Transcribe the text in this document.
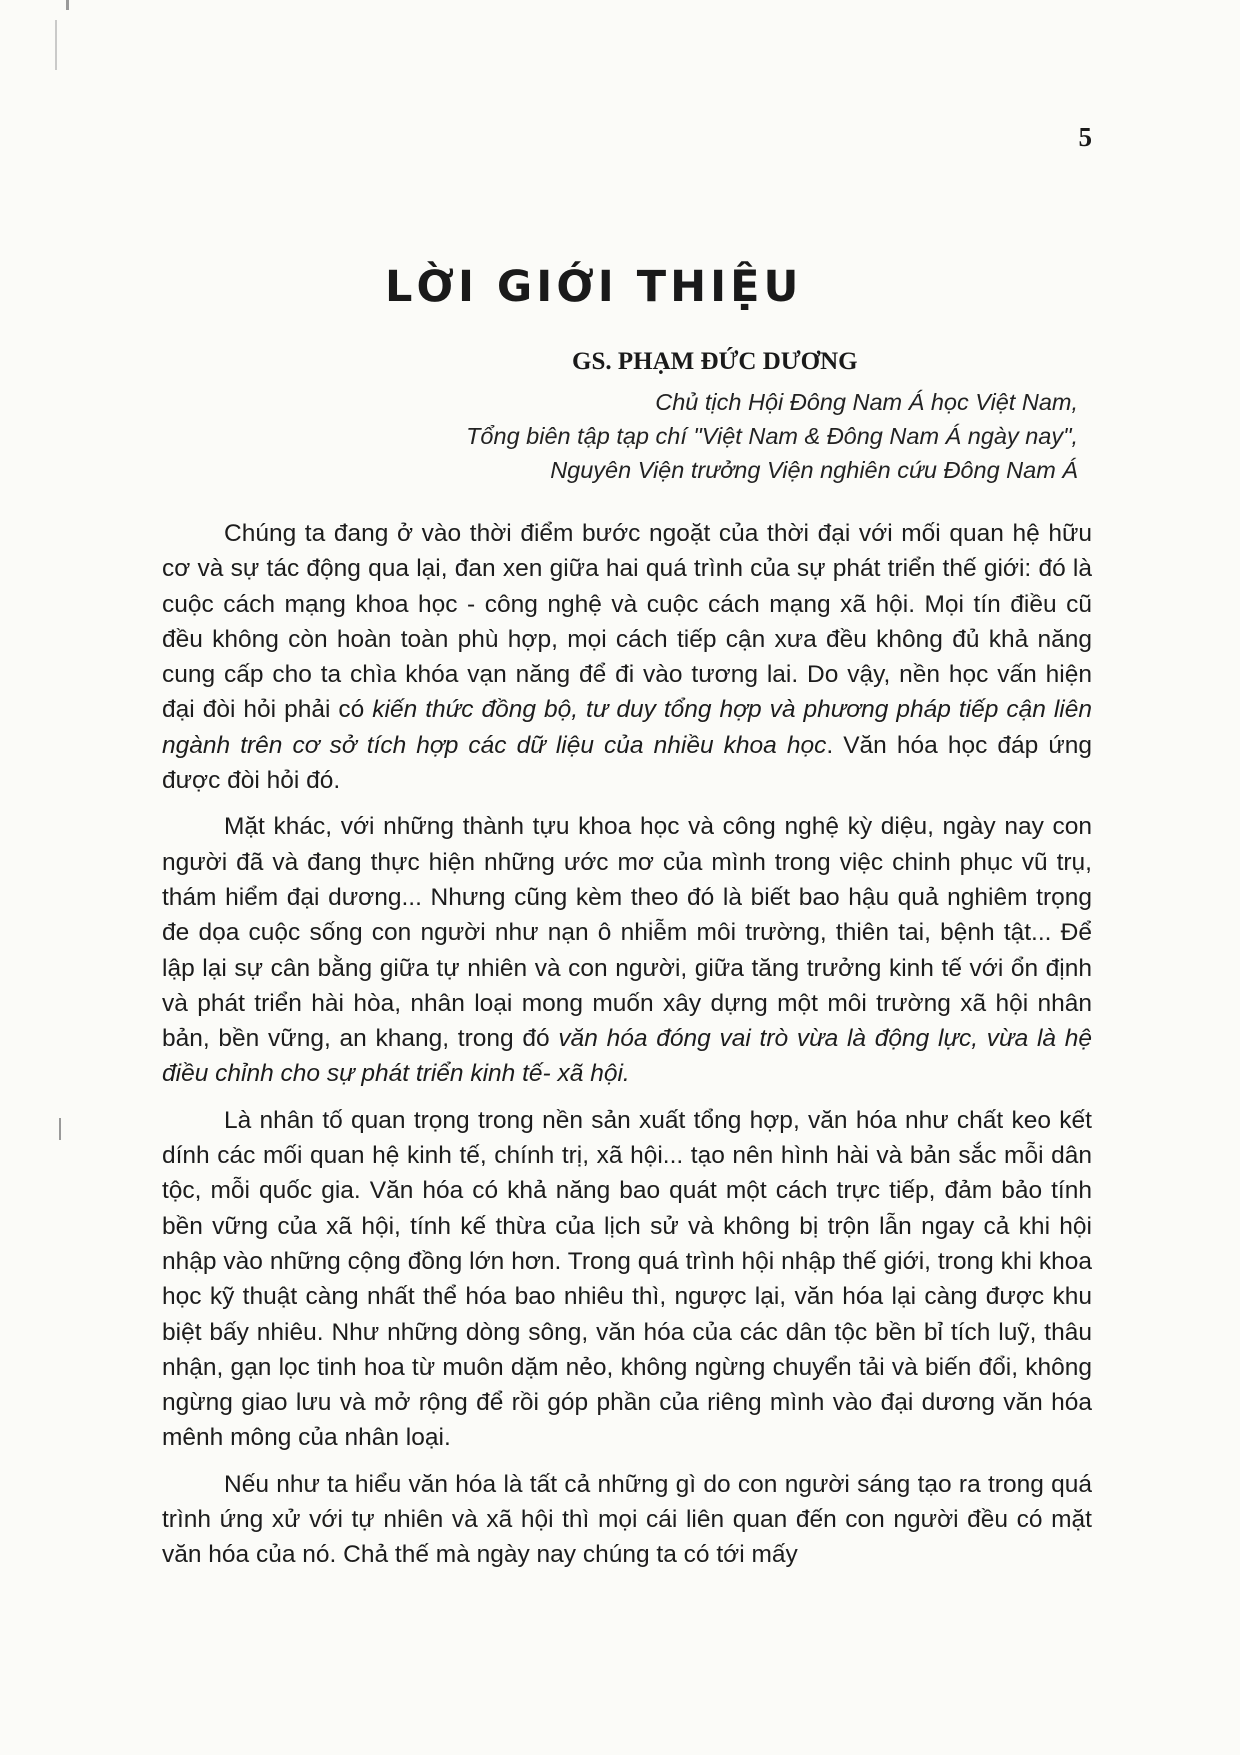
5
LỜI GIỚI THIỆU
GS. PHẠM ĐỨC DƯƠNG
Chủ tịch Hội Đông Nam Á học Việt Nam,
Tổng biên tập tạp chí "Việt Nam & Đông Nam Á ngày nay",
Nguyên Viện trưởng Viện nghiên cứu Đông Nam Á

Chúng ta đang ở vào thời điểm bước ngoặt của thời đại với mối quan hệ hữu cơ và sự tác động qua lại, đan xen giữa hai quá trình của sự phát triển thế giới: đó là cuộc cách mạng khoa học - công nghệ và cuộc cách mạng xã hội. Mọi tín điều cũ đều không còn hoàn toàn phù hợp, mọi cách tiếp cận xưa đều không đủ khả năng cung cấp cho ta chìa khóa vạn năng để đi vào tương lai. Do vậy, nền học vấn hiện đại đòi hỏi phải có kiến thức đồng bộ, tư duy tổng hợp và phương pháp tiếp cận liên ngành trên cơ sở tích hợp các dữ liệu của nhiều khoa học. Văn hóa học đáp ứng được đòi hỏi đó.

Mặt khác, với những thành tựu khoa học và công nghệ kỳ diệu, ngày nay con người đã và đang thực hiện những ước mơ của mình trong việc chinh phục vũ trụ, thám hiểm đại dương... Nhưng cũng kèm theo đó là biết bao hậu quả nghiêm trọng đe dọa cuộc sống con người như nạn ô nhiễm môi trường, thiên tai, bệnh tật... Để lập lại sự cân bằng giữa tự nhiên và con người, giữa tăng trưởng kinh tế với ổn định và phát triển hài hòa, nhân loại mong muốn xây dựng một môi trường xã hội nhân bản, bền vững, an khang, trong đó văn hóa đóng vai trò vừa là động lực, vừa là hệ điều chỉnh cho sự phát triển kinh tế- xã hội.

Là nhân tố quan trọng trong nền sản xuất tổng hợp, văn hóa như chất keo kết dính các mối quan hệ kinh tế, chính trị, xã hội... tạo nên hình hài và bản sắc mỗi dân tộc, mỗi quốc gia. Văn hóa có khả năng bao quát một cách trực tiếp, đảm bảo tính bền vững của xã hội, tính kế thừa của lịch sử và không bị trộn lẫn ngay cả khi hội nhập vào những cộng đồng lớn hơn. Trong quá trình hội nhập thế giới, trong khi khoa học kỹ thuật càng nhất thể hóa bao nhiêu thì, ngược lại, văn hóa lại càng được khu biệt bấy nhiêu. Như những dòng sông, văn hóa của các dân tộc bền bỉ tích luỹ, thâu nhận, gạn lọc tinh hoa từ muôn dặm nẻo, không ngừng chuyển tải và biến đổi, không ngừng giao lưu và mở rộng để rồi góp phần của riêng mình vào đại dương văn hóa mênh mông của nhân loại.

Nếu như ta hiểu văn hóa là tất cả những gì do con người sáng tạo ra trong quá trình ứng xử với tự nhiên và xã hội thì mọi cái liên quan đến con người đều có mặt văn hóa của nó. Chả thế mà ngày nay chúng ta có tới mấy
